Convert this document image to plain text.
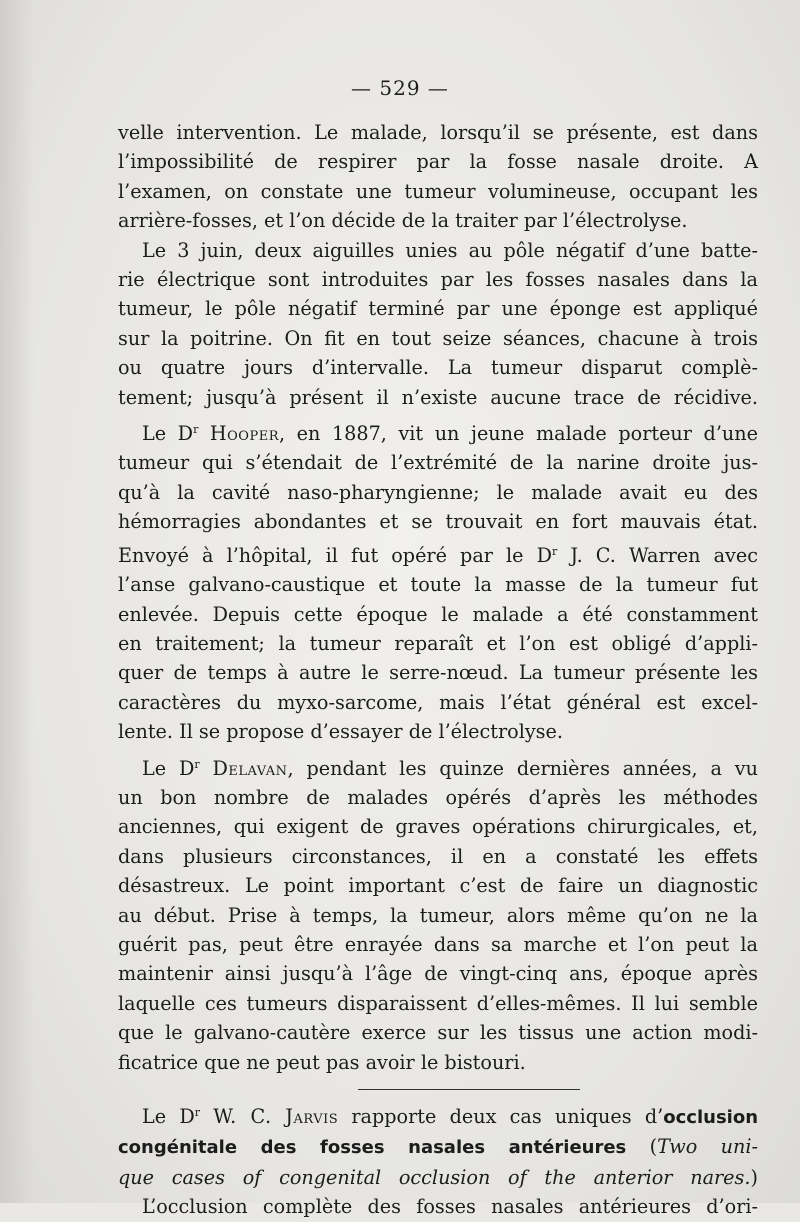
— 529 —
velle intervention. Le malade, lorsqu’il se présente, est dans
l’impossibilité de respirer par la fosse nasale droite. A
l’examen, on constate une tumeur volumineuse, occupant les
arrière-fosses, et l’on décide de la traiter par l’électrolyse.
Le 3 juin, deux aiguilles unies au pôle négatif d’une batte-
rie électrique sont introduites par les fosses nasales dans la
tumeur, le pôle négatif terminé par une éponge est appliqué
sur la poitrine. On fit en tout seize séances, chacune à trois
ou quatre jours d’intervalle. La tumeur disparut complè-
tement; jusqu’à présent il n’existe aucune trace de récidive.
Le $D^r$ Hooper, en 1887, vit un jeune malade porteur d’une
tumeur qui s’étendait de l’extrémité de la narine droite jus-
qu’à la cavité naso-pharyngienne; le malade avait eu des
hémorragies abondantes et se trouvait en fort mauvais état.
Envoyé à l’hôpital, il fut opéré par le $D^r$ J. C. Warren avec
l’anse galvano-caustique et toute la masse de la tumeur fut
enlevée. Depuis cette époque le malade a été constamment
en traitement; la tumeur reparaît et l’on est obligé d’appli-
quer de temps à autre le serre-nœud. La tumeur présente les
caractères du myxo-sarcome, mais l’état général est excel-
lente. Il se propose d’essayer de l’électrolyse.
Le $D^r$ Delavan, pendant les quinze dernières années, a vu
un bon nombre de malades opérés d’après les méthodes
anciennes, qui exigent de graves opérations chirurgicales, et,
dans plusieurs circonstances, il en a constaté les effets
désastreux. Le point important c’est de faire un diagnostic
au début. Prise à temps, la tumeur, alors même qu’on ne la
guérit pas, peut être enrayée dans sa marche et l’on peut la
maintenir ainsi jusqu’à l’âge de vingt-cinq ans, époque après
laquelle ces tumeurs disparaissent d’elles-mêmes. Il lui semble
que le galvano-cautère exerce sur les tissus une action modi-
ficatrice que ne peut pas avoir le bistouri.
Le $D^r$ W. C. Jarvis rapporte deux cas uniques d’occlusion
congénitale des fosses nasales antérieures (Two uni-
que cases of congenital occlusion of the anterior nares.)
L’occlusion complète des fosses nasales antérieures d’ori-
